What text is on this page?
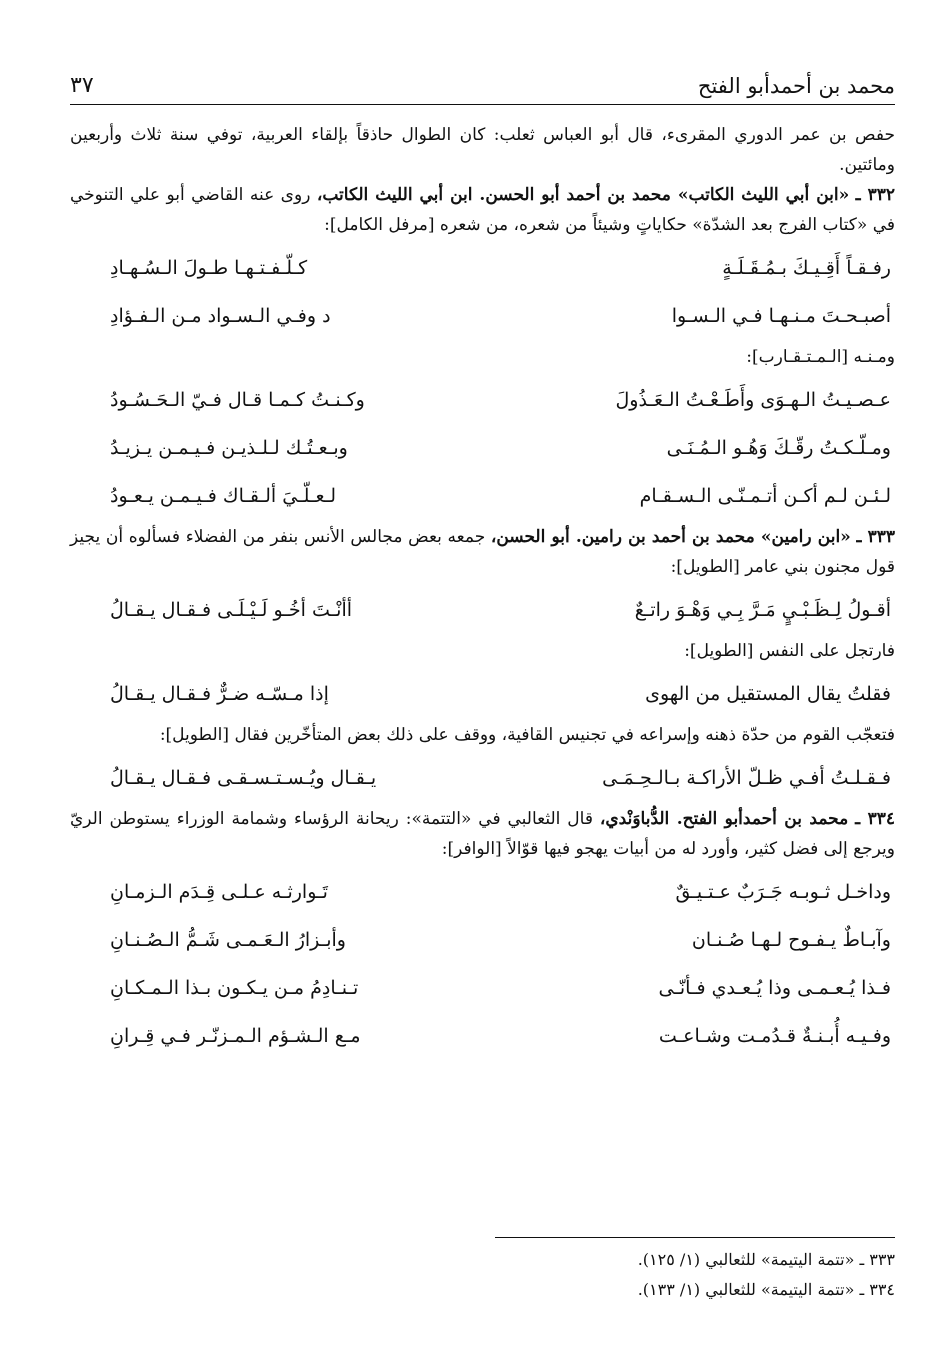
محمد بن أحمدأبو الفتح
٣٧

حفص بن عمر الدوري المقرىء، قال أبو العباس ثعلب: كان الطوال حاذقاً بإلقاء العربية، توفي سنة ثلاث وأربعين ومائتين.

٣٣٢ ـ «ابن أبي الليث الكاتب» محمد بن أحمد أبو الحسن. ابن أبي الليث الكاتب، روى عنه القاضي أبو علي التنوخي في «كتاب الفرج بعد الشدّة» حكاياتٍ وشيئاً من شعره، من شعره [مرفل الكامل]:

رفـقـاً أَقِـيـكَ بـمُـقَـلَـةٍ
كـلّـفـتـهـا طـولَ الـسُـهـادِ
أصبـحـتَ مـنـهـا فـي الـسـوا
د وفـي الـسـواد مـن الـفـؤادِ

ومـنـه [الـمـتـقـارب]:

عـصـيـتُ الـهـوَى وأَطَـعْـتُ الـعَـذُولَ
وكـنـتُ كـمـا قـال فـيّ الـحَـسُـودُ
ومـلّـكـتُ رقّـكَ وَهُـو الـمُـنَـى
وبـعـتُـك لـلـذيـن فـيـمـن يـزيـدُ
لـئـن لـم أكـن أتـمـنّـى الـسـقـام
لـعـلّـيَ ألـقـاك فـيـمـن يـعـودُ

٣٣٣ ـ «ابن رامين» محمد بن أحمد بن رامين. أبو الحسن، جمعه بعض مجالس الأنس بنفر من الفضلاء فسألوه أن يجيز قول مجنون بني عامر [الطويل]:

أقـولُ لِـظَـبْـيٍ مَـرَّ بِـي وَهْـوَ راتـعٌ
أأنْـتَ أخُـو لَـيْـلَـى فـقـال يـقـالُ

فارتجل على النفس [الطويل]:

فقلتُ يقال المستقيل من الهوى
إذا مـسّـه ضـرٌّ فـقـال يـقـالُ

فتعجّب القوم من حدّة ذهنه وإسراعه في تجنيس القافية، ووقف على ذلك بعض المتأخّرين فقال [الطويل]:

فـقـلـتُ أفـي ظـلّ الأراكـة بـالـحِـمَـى
يـقـال ويُـسـتـسـقـى فـقـال يـقـالُ

٣٣٤ ـ محمد بن أحمدأبو الفتح. الدُّباوَنْدي، قال الثعالبي في «التتمة»: ريحانة الرؤساء وشمامة الوزراء يستوطن الريّ ويرجع إلى فضل كثير، وأورد له من أبيات يهجو فيها قوّالاً [الوافر]:

وداخـل ثـوبـه جَـرَبٌ عـتـيـقٌ
تَـوارثـه عـلـى قِـدَم الـزمـانِ
وآبـاطٌ يـفـوح لـهـا صُـنـان
وأبـزارُ الـعَـمـى شَـمُّ الـصُـنـانِ
فـذا يُـعـمـى وذا يُـعـدي فـأنّـى
تـنـادِمُ مـن يـكـون بـذا الـمـكـانِ
وفـيـه أُبـنـةٌ قـدُمـت وشـاعـت
مـع الـشـؤم الـمـزنّـر فـي قِـرانِ

٣٣٣ ـ «تتمة اليتيمة» للثعالبي (١/ ١٢٥).

٣٣٤ ـ «تتمة اليتيمة» للثعالبي (١/ ١٣٣).
